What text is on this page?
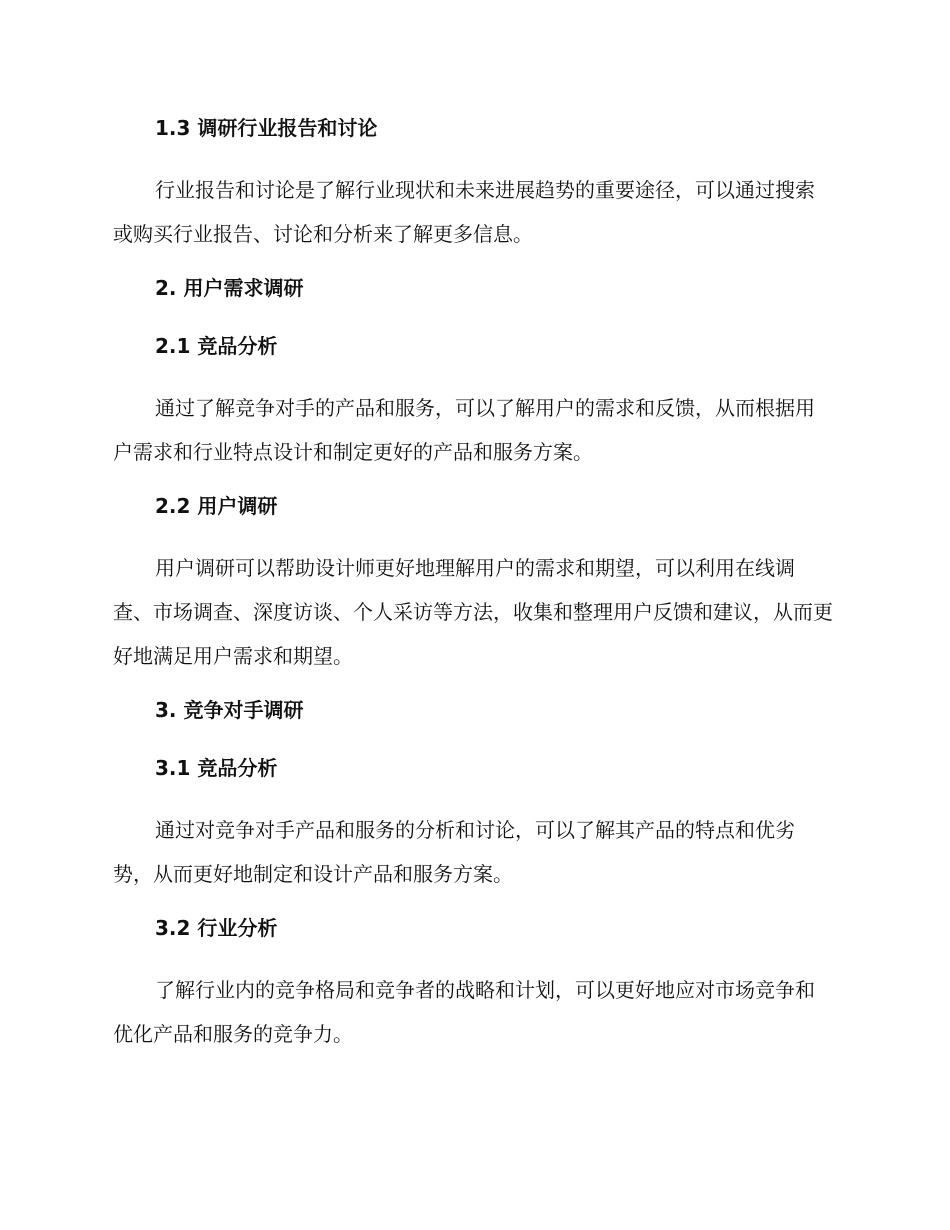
1.3 调研行业报告和讨论
行业报告和讨论是了解行业现状和未来进展趋势的重要途径，可以通过搜索或购买行业报告、讨论和分析来了解更多信息。
2. 用户需求调研
2.1 竞品分析
通过了解竞争对手的产品和服务，可以了解用户的需求和反馈，从而根据用户需求和行业特点设计和制定更好的产品和服务方案。
2.2 用户调研
用户调研可以帮助设计师更好地理解用户的需求和期望，可以利用在线调查、市场调查、深度访谈、个人采访等方法，收集和整理用户反馈和建议，从而更好地满足用户需求和期望。
3. 竞争对手调研
3.1 竞品分析
通过对竞争对手产品和服务的分析和讨论，可以了解其产品的特点和优劣势，从而更好地制定和设计产品和服务方案。
3.2 行业分析
了解行业内的竞争格局和竞争者的战略和计划，可以更好地应对市场竞争和优化产品和服务的竞争力。
